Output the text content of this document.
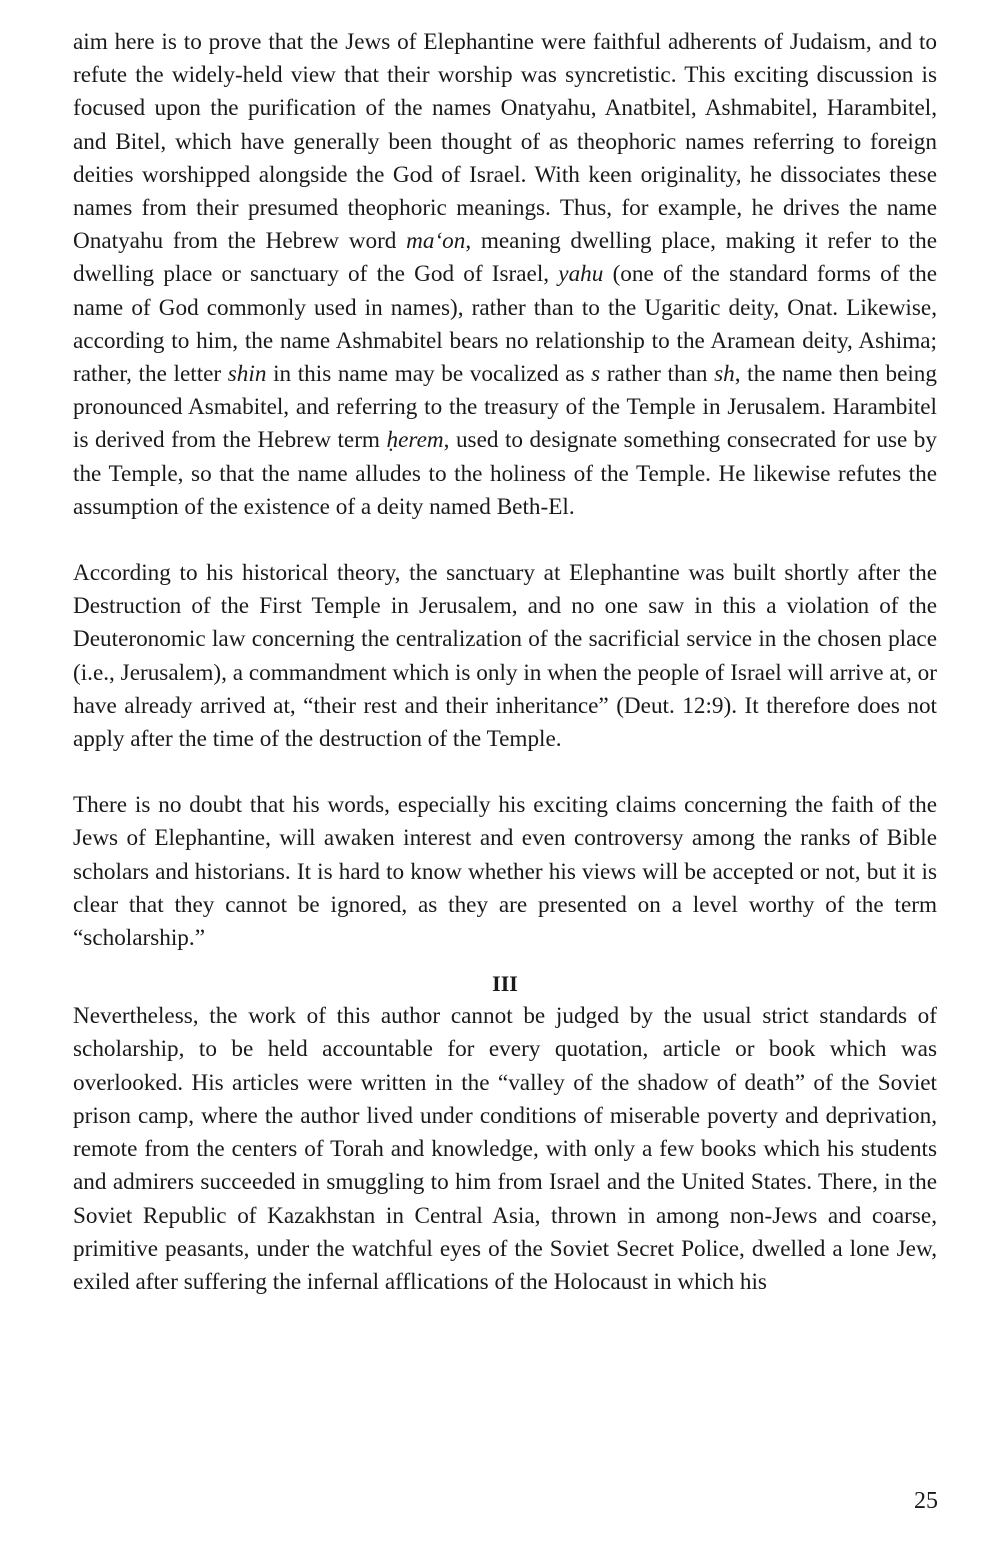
aim here is to prove that the Jews of Elephantine were faithful adherents of Judaism, and to refute the widely-held view that their worship was syncretistic. This exciting discussion is focused upon the purification of the names Onatyahu, Anatbitel, Ashmabitel, Harambitel, and Bitel, which have generally been thought of as theophoric names referring to foreign deities worshipped alongside the God of Israel. With keen originality, he dissociates these names from their presumed theophoric meanings. Thus, for example, he drives the name Onatyahu from the Hebrew word ma‘on, meaning dwelling place, making it refer to the dwelling place or sanctuary of the God of Israel, yahu (one of the standard forms of the name of God commonly used in names), rather than to the Ugaritic deity, Onat. Likewise, according to him, the name Ashmabitel bears no relationship to the Aramean deity, Ashima; rather, the letter shin in this name may be vocalized as s rather than sh, the name then being pronounced Asmabitel, and referring to the treasury of the Temple in Jerusalem. Harambitel is derived from the Hebrew term ḥerem, used to designate something consecrated for use by the Temple, so that the name alludes to the holiness of the Temple. He likewise refutes the assumption of the existence of a deity named Beth-El.

According to his historical theory, the sanctuary at Elephantine was built shortly after the Destruction of the First Temple in Jerusalem, and no one saw in this a violation of the Deuteronomic law concerning the centralization of the sacrificial service in the chosen place (i.e., Jerusalem), a commandment which is only in when the people of Israel will arrive at, or have already arrived at, “their rest and their inheritance” (Deut. 12:9). It therefore does not apply after the time of the destruction of the Temple.

There is no doubt that his words, especially his exciting claims concerning the faith of the Jews of Elephantine, will awaken interest and even controversy among the ranks of Bible scholars and historians. It is hard to know whether his views will be accepted or not, but it is clear that they cannot be ignored, as they are presented on a level worthy of the term “scholarship.”

III

Nevertheless, the work of this author cannot be judged by the usual strict standards of scholarship, to be held accountable for every quotation, article or book which was overlooked. His articles were written in the “valley of the shadow of death” of the Soviet prison camp, where the author lived under conditions of miserable poverty and deprivation, remote from the centers of Torah and knowledge, with only a few books which his students and admirers succeeded in smuggling to him from Israel and the United States. There, in the Soviet Republic of Kazakhstan in Central Asia, thrown in among non-Jews and coarse, primitive peasants, under the watchful eyes of the Soviet Secret Police, dwelled a lone Jew, exiled after suffering the infernal afflications of the Holocaust in which his

25
